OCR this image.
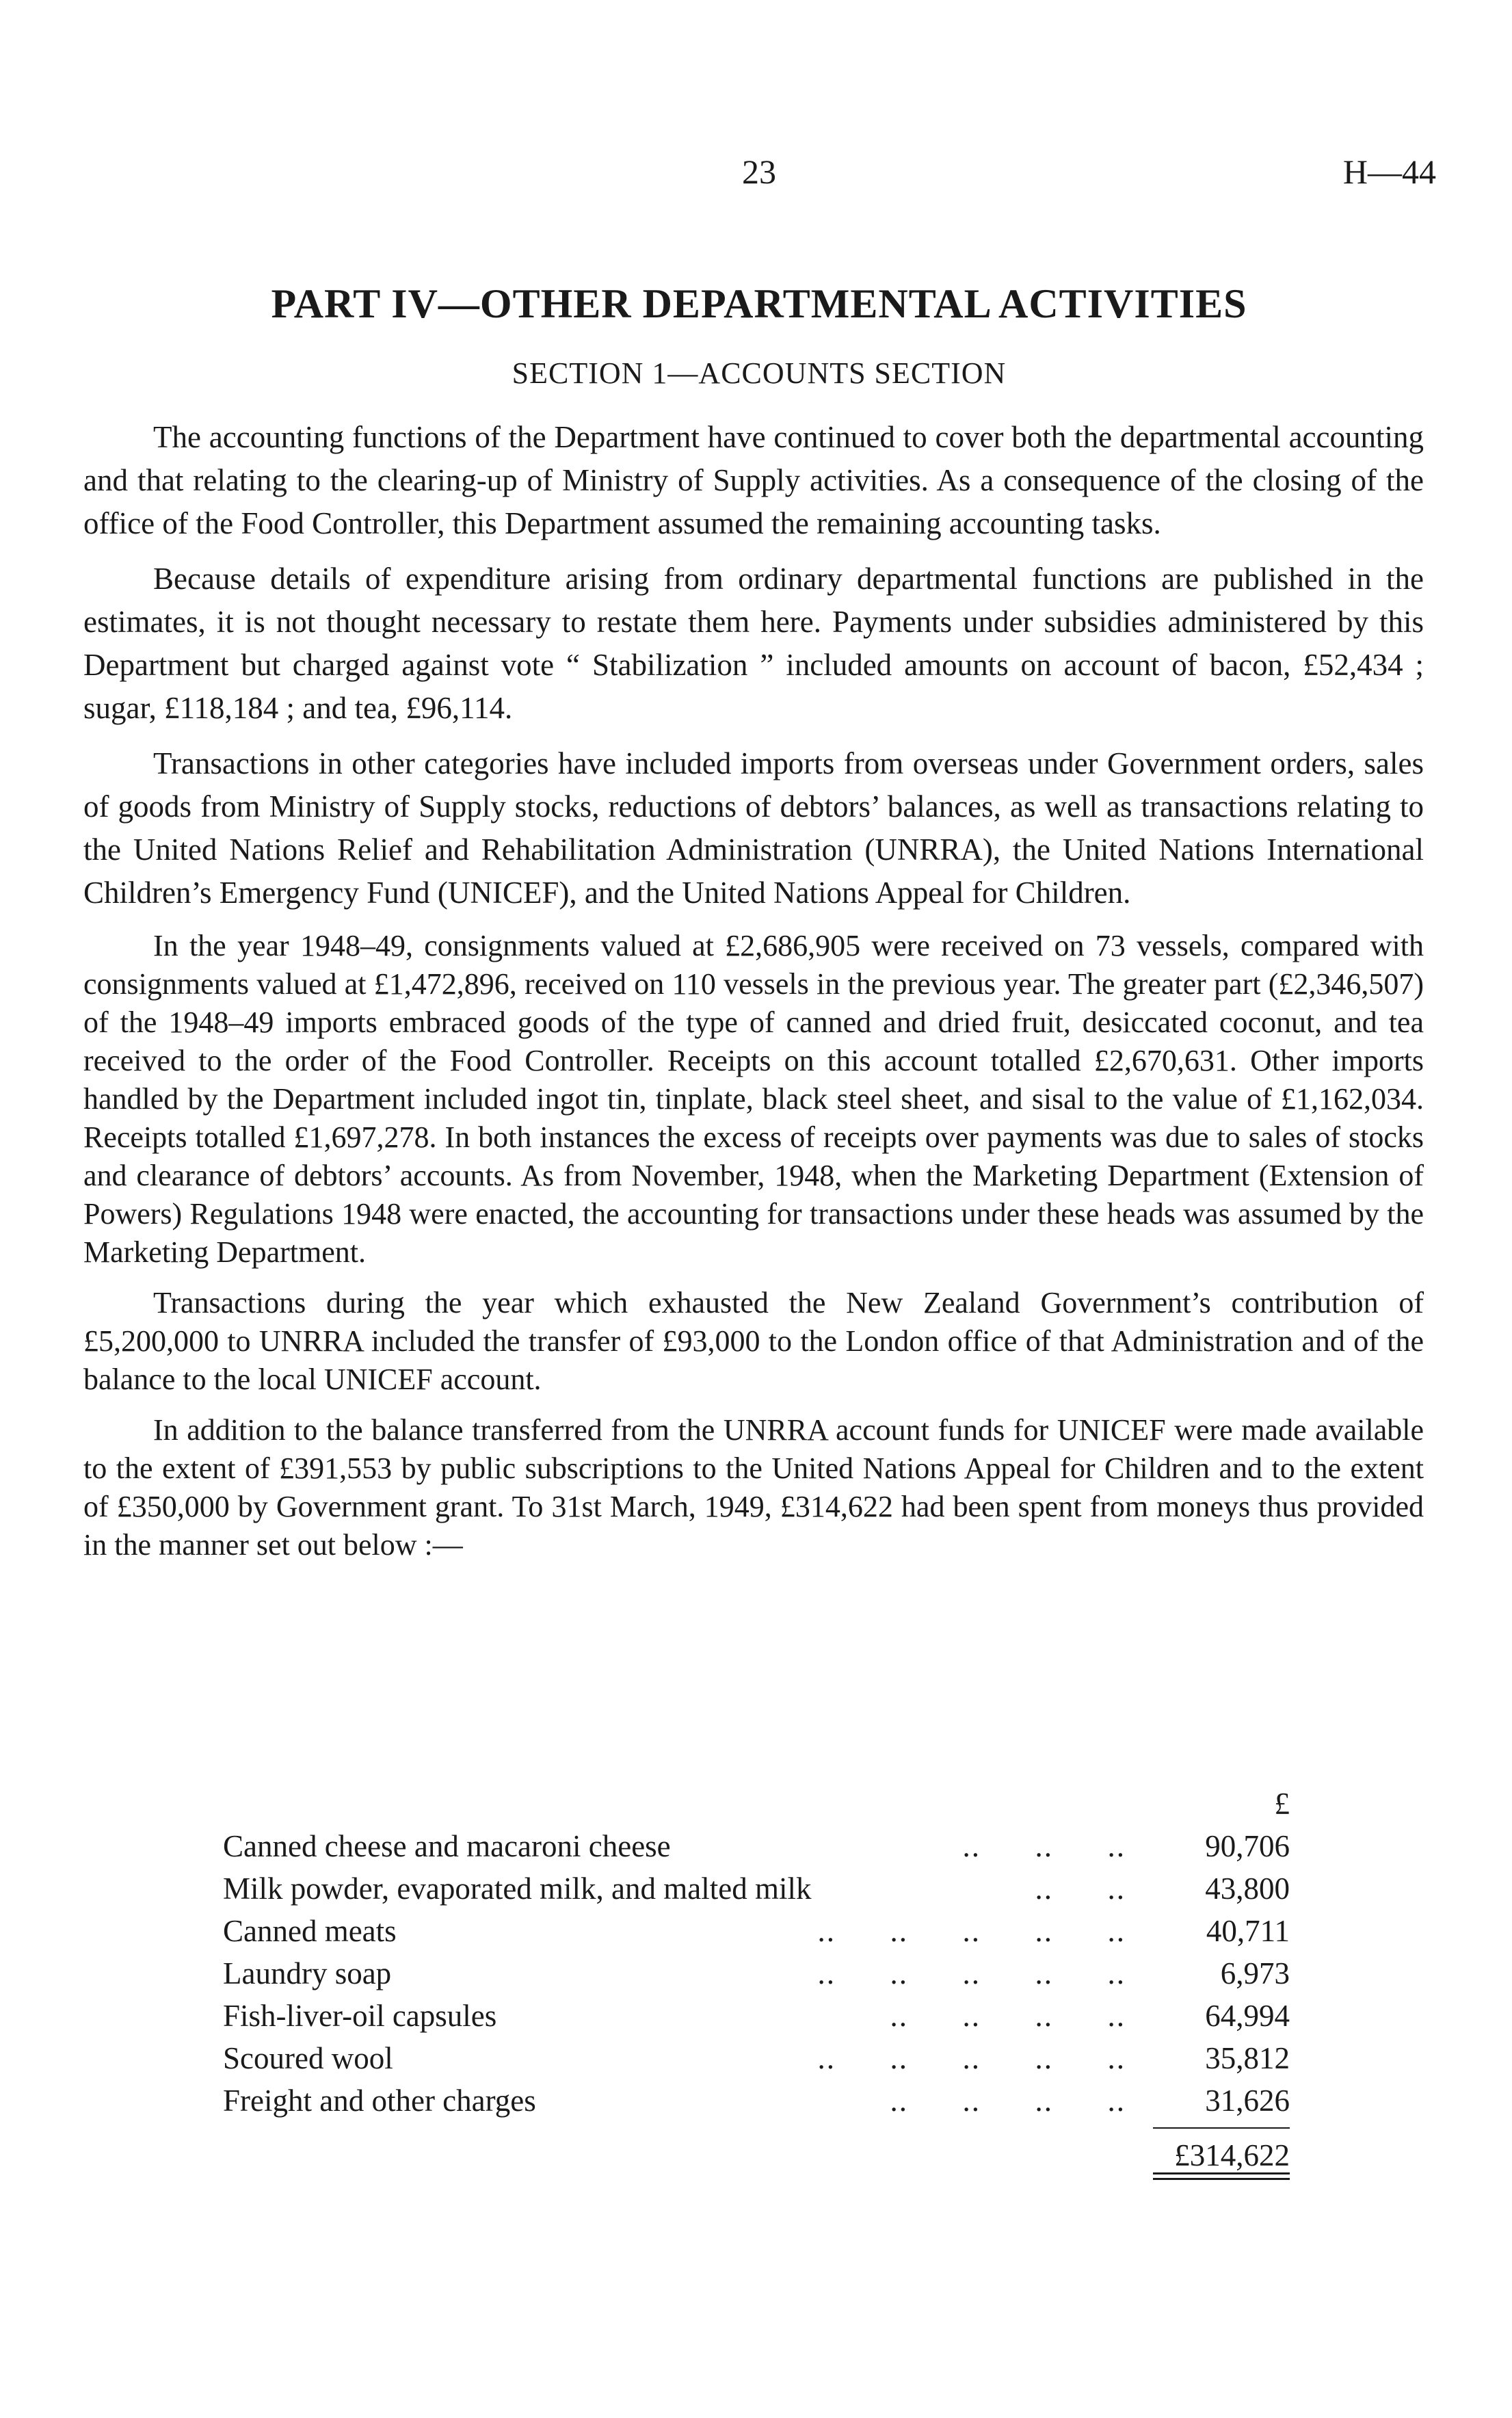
23	H—44
PART IV—OTHER DEPARTMENTAL ACTIVITIES
SECTION 1—ACCOUNTS SECTION

The accounting functions of the Department have continued to cover both the departmental accounting and that relating to the clearing-up of Ministry of Supply activities. As a consequence of the closing of the office of the Food Controller, this Department assumed the remaining accounting tasks.

Because details of expenditure arising from ordinary departmental functions are published in the estimates, it is not thought necessary to restate them here. Payments under subsidies administered by this Department but charged against vote “ Stabilization ” included amounts on account of bacon, £52,434 ; sugar, £118,184 ; and tea, £96,114.

Transactions in other categories have included imports from overseas under Government orders, sales of goods from Ministry of Supply stocks, reductions of debtors’ balances, as well as transactions relating to the United Nations Relief and Rehabilitation Administration (UNRRA), the United Nations International Children’s Emergency Fund (UNICEF), and the United Nations Appeal for Children.

In the year 1948–49, consignments valued at £2,686,905 were received on 73 vessels, compared with consignments valued at £1,472,896, received on 110 vessels in the previous year. The greater part (£2,346,507) of the 1948–49 imports embraced goods of the type of canned and dried fruit, desiccated coconut, and tea received to the order of the Food Controller. Receipts on this account totalled £2,670,631. Other imports handled by the Department included ingot tin, tinplate, black steel sheet, and sisal to the value of £1,162,034. Receipts totalled £1,697,278. In both instances the excess of receipts over payments was due to sales of stocks and clearance of debtors’ accounts. As from November, 1948, when the Marketing Department (Extension of Powers) Regulations 1948 were enacted, the accounting for transactions under these heads was assumed by the Marketing Department.

Transactions during the year which exhausted the New Zealand Government’s contribution of £5,200,000 to UNRRA included the transfer of £93,000 to the London office of that Administration and of the balance to the local UNICEF account.

In addition to the balance transferred from the UNRRA account funds for UNICEF were made available to the extent of £391,553 by public subscriptions to the United Nations Appeal for Children and to the extent of £350,000 by Government grant. To 31st March, 1949, £314,622 had been spent from moneys thus provided in the manner set out below :—

£
Canned cheese and macaroni cheese	..      ..      ..	90,706
Milk powder, evaporated milk, and malted milk	..      ..	43,800
Canned meats	..      ..      ..      ..      ..	40,711
Laundry soap	..      ..      ..      ..      ..	6,973
Fish-liver-oil capsules	..      ..      ..      ..	64,994
Scoured wool	..      ..      ..      ..      ..	35,812
Freight and other charges	..      ..      ..      ..	31,626
£314,622
